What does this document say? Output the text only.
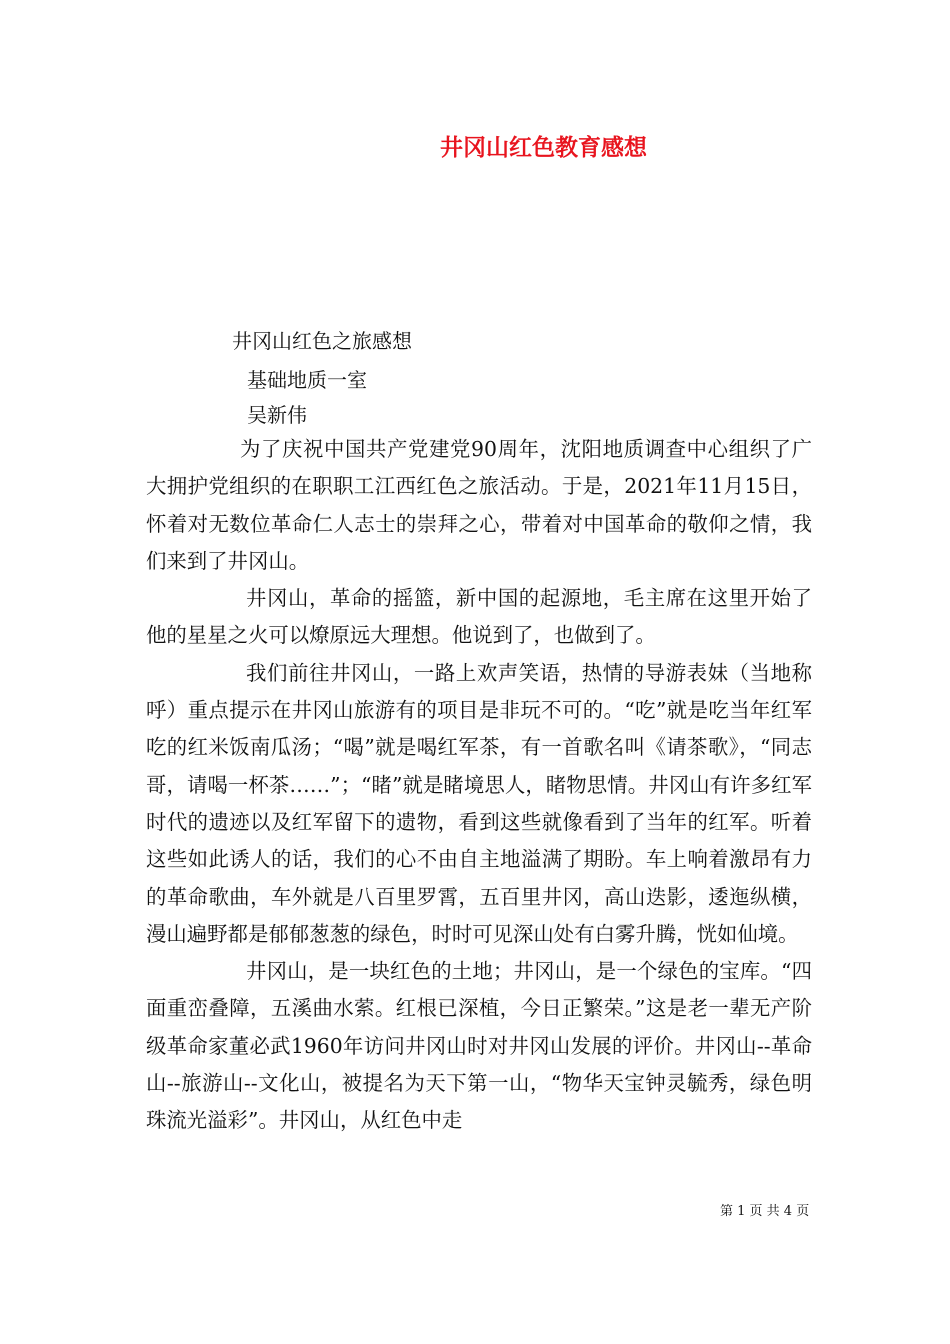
井冈山红色教育感想

井冈山红色之旅感想

基础地质一室

吴新伟

为了庆祝中国共产党建党90周年，沈阳地质调查中心组织了广大拥护党组织的在职职工江西红色之旅活动。于是，2021年11月15日，怀着对无数位革命仁人志士的崇拜之心，带着对中国革命的敬仰之情，我们来到了井冈山。

井冈山，革命的摇篮，新中国的起源地，毛主席在这里开始了他的星星之火可以燎原远大理想。他说到了，也做到了。

我们前往井冈山，一路上欢声笑语，热情的导游表妹（当地称呼）重点提示在井冈山旅游有的项目是非玩不可的。“吃”就是吃当年红军吃的红米饭南瓜汤；“喝”就是喝红军茶，有一首歌名叫《请茶歌》，“同志哥，请喝一杯茶……”；“睹”就是睹境思人，睹物思情。井冈山有许多红军时代的遗迹以及红军留下的遗物，看到这些就像看到了当年的红军。听着这些如此诱人的话，我们的心不由自主地溢满了期盼。车上响着激昂有力的革命歌曲，车外就是八百里罗霄，五百里井冈，高山迭影，逶迤纵横，漫山遍野都是郁郁葱葱的绿色，时时可见深山处有白雾升腾，恍如仙境。

井冈山，是一块红色的土地；井冈山，是一个绿色的宝库。“四面重峦叠障，五溪曲水萦。红根已深植，今日正繁荣。”这是老一辈无产阶级革命家董必武1960年访问井冈山时对井冈山发展的评价。井冈山--革命山--旅游山--文化山，被提名为天下第一山，“物华天宝钟灵毓秀，绿色明珠流光溢彩”。井冈山，从红色中走

第 1 页 共 4 页
